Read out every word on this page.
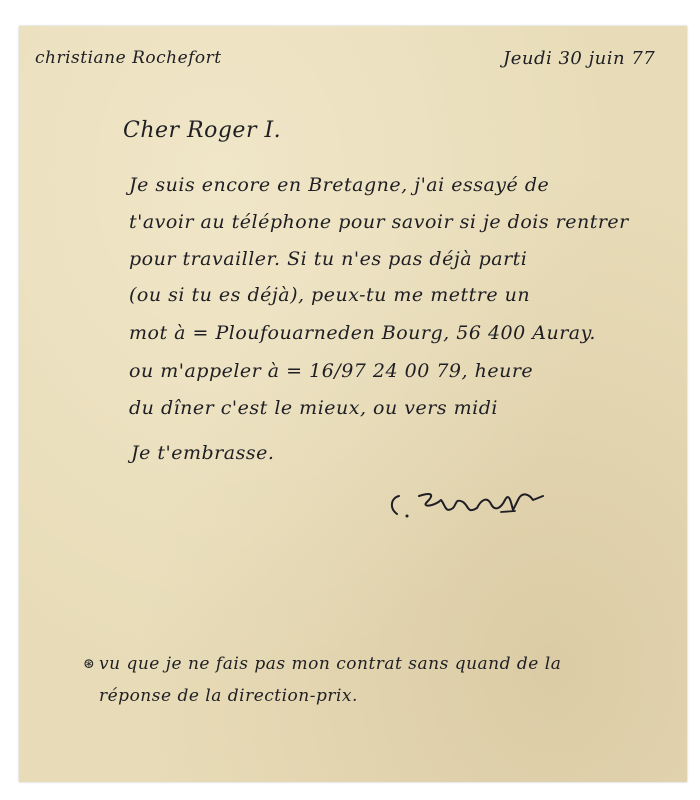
christiane Rochefort	Jeudi 30 juin 77
Cher Roger I.
Je suis encore en Bretagne, j'ai essayé de
t'avoir au téléphone pour savoir si je dois rentrer
pour travailler. Si tu n'es pas déjà parti
(ou si tu es déjà), peux-tu me mettre un
mot à = Ploufouarneden Bourg, 56 400 Auray.
ou m'appeler à = 16/97 24 00 79, heure
du dîner c'est le mieux, ou vers midi
Je t'embrasse.
⊛ vu que je ne fais pas mon contrat sans quand de la
réponse de la direction-prix.
